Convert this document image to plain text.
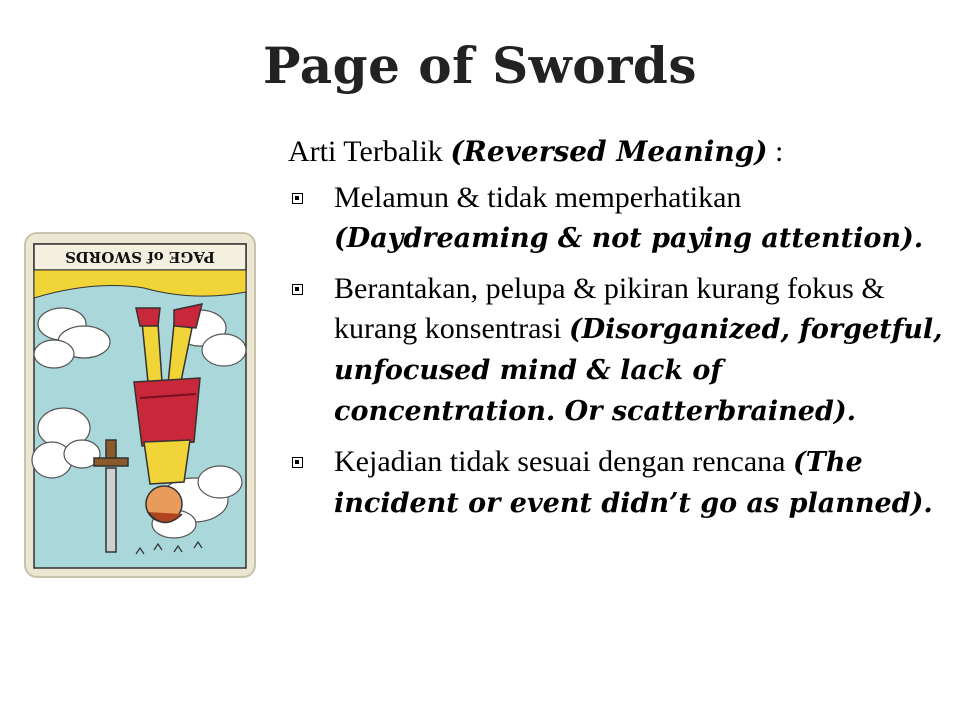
Page of Swords
PAGE of SWORDS

Arti Terbalik (Reversed Meaning) :

Melamun & tidak memperhatikan (Daydreaming & not paying attention).
Berantakan, pelupa & pikiran kurang fokus & kurang konsentrasi (Disorganized, forgetful, unfocused mind & lack of concentration. Or scatterbrained).
Kejadian tidak sesuai dengan rencana (The incident or event didn’t go as planned).
